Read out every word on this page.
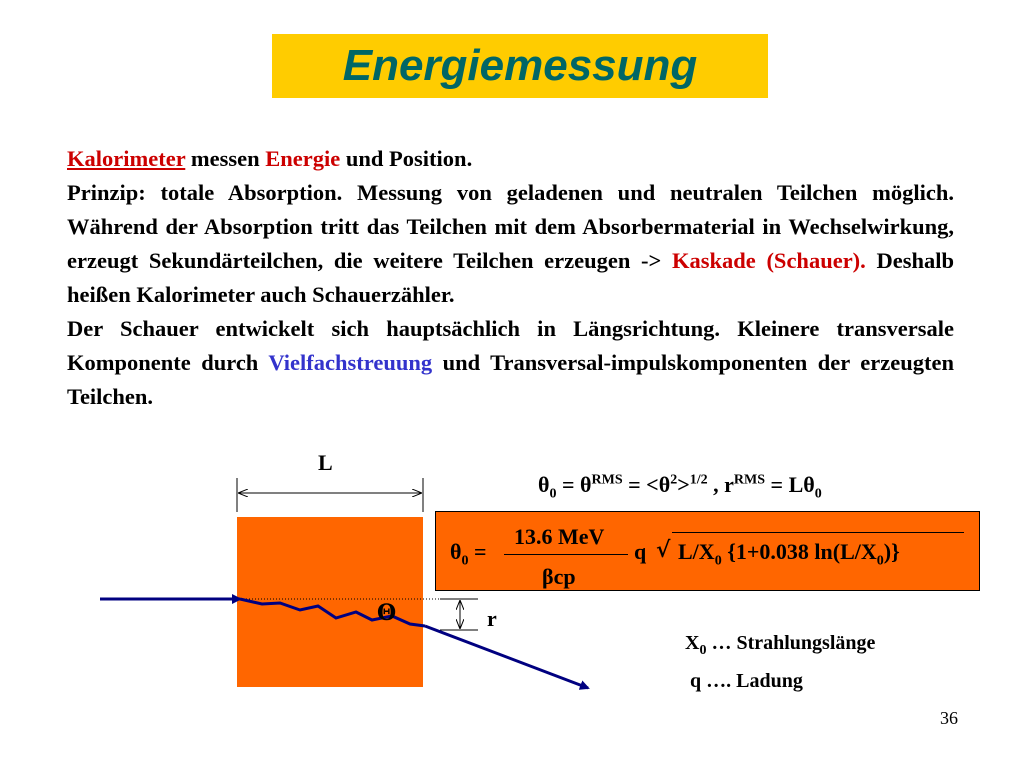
Energiemessung

Kalorimeter messen Energie und Position.

Prinzip: totale Absorption. Messung von geladenen und neutralen Teilchen möglich. Während der Absorption tritt das Teilchen mit dem Absorbermaterial in Wechselwirkung, erzeugt Sekundärteilchen, die weitere Teilchen erzeugen -> Kaskade (Schauer). Deshalb heißen Kalorimeter auch Schauerzähler.

Der Schauer entwickelt sich hauptsächlich in Längsrichtung. Kleinere transversale Komponente durch Vielfachstreuung und Transversal-impulskomponenten der erzeugten Teilchen.

L
r
Θ
$\theta_0 = \theta^{RMS} = <\theta^2>^{1/2}$ , $r^{RMS} = L\theta_0$
$\theta_0$ =
13.6 MeV
βcp
q √ $L/X_0$ {1+0.038 $\ln(L/X_0)$}
$X_0$ … Strahlungslänge
q …. Ladung
36
